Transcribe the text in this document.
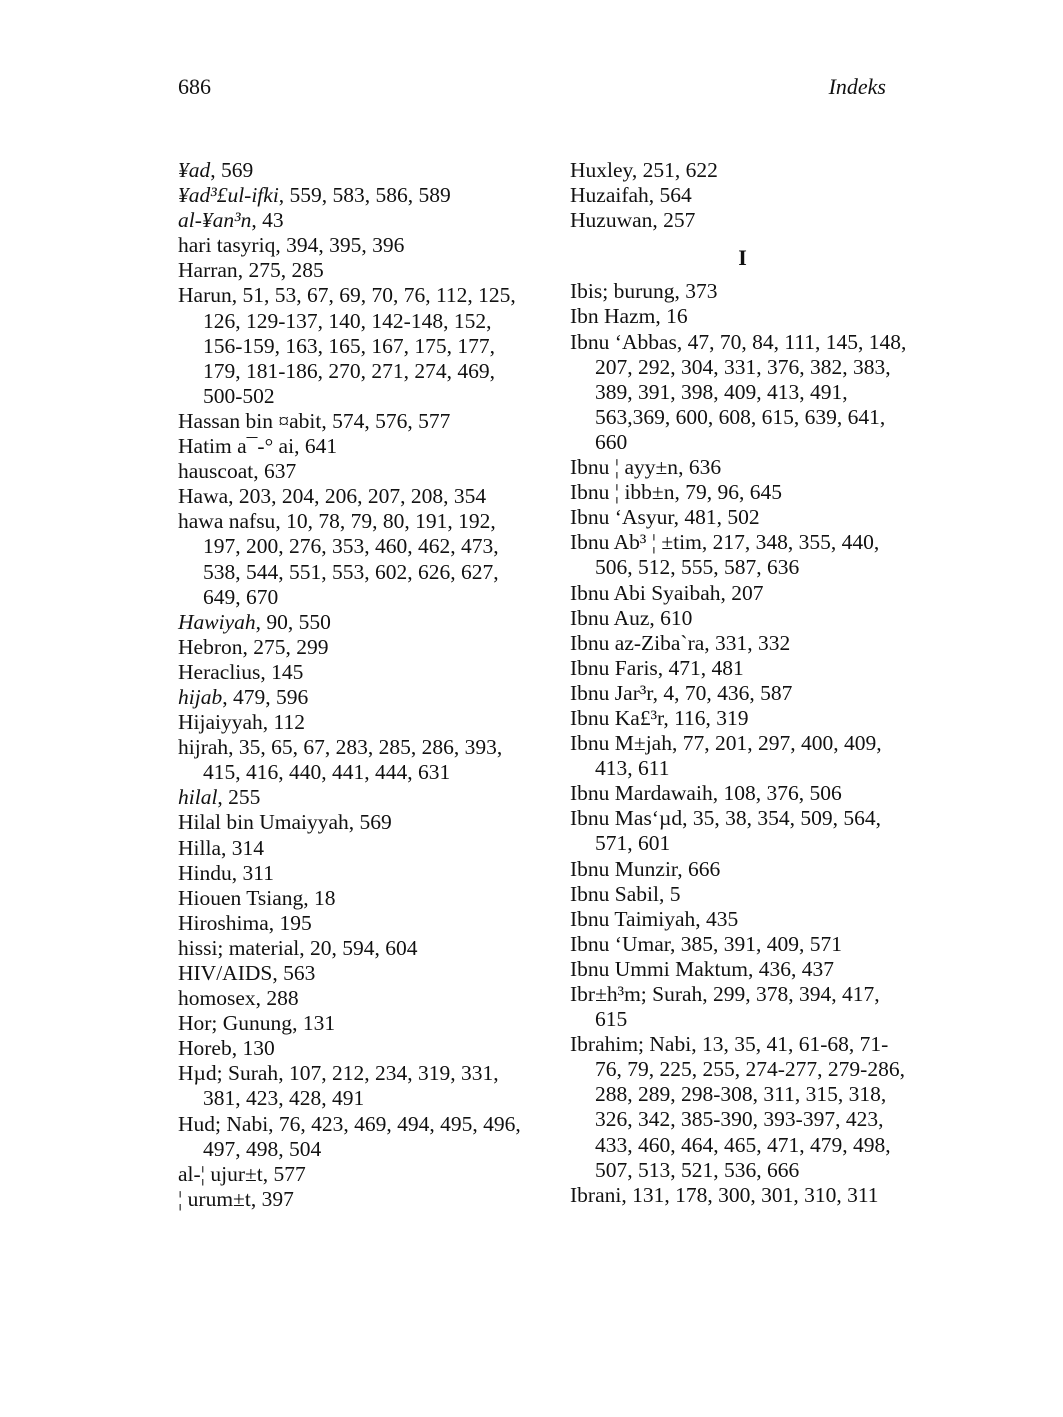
686	Indeks
¥ad, 569
¥ad³£ul-ifki, 559, 583, 586, 589
al-¥an³n, 43
hari tasyriq, 394, 395, 396
Harran, 275, 285
Harun, 51, 53, 67, 69, 70, 76, 112, 125, 126, 129-137, 140, 142-148, 152, 156-159, 163, 165, 167, 175, 177, 179, 181-186, 270, 271, 274, 469, 500-502
Hassan bin ¤abit, 574, 576, 577
Hatim a¯-° ai, 641
hauscoat, 637
Hawa, 203, 204, 206, 207, 208, 354
hawa nafsu, 10, 78, 79, 80, 191, 192, 197, 200, 276, 353, 460, 462, 473, 538, 544, 551, 553, 602, 626, 627, 649, 670
Hawiyah, 90, 550
Hebron, 275, 299
Heraclius, 145
hijab, 479, 596
Hijaiyyah, 112
hijrah, 35, 65, 67, 283, 285, 286, 393, 415, 416, 440, 441, 444, 631
hilal, 255
Hilal bin Umaiyyah, 569
Hilla, 314
Hindu, 311
Hiouen Tsiang, 18
Hiroshima, 195
hissi; material, 20, 594, 604
HIV/AIDS, 563
homosex, 288
Hor; Gunung, 131
Horeb, 130
Hµd; Surah, 107, 212, 234, 319, 331, 381, 423, 428, 491
Hud; Nabi, 76, 423, 469, 494, 495, 496, 497, 498, 504
al-¦ ujur±t, 577
¦ urum±t, 397
Huxley, 251, 622
Huzaifah, 564
Huzuwan, 257
I
Ibis; burung, 373
Ibn Hazm, 16
Ibnu ‘Abbas, 47, 70, 84, 111, 145, 148, 207, 292, 304, 331, 376, 382, 383, 389, 391, 398, 409, 413, 491, 563,369, 600, 608, 615, 639, 641, 660
Ibnu ¦ ayy±n, 636
Ibnu ¦ ibb±n, 79, 96, 645
Ibnu ‘Asyur, 481, 502
Ibnu Ab³ ¦ ±tim, 217, 348, 355, 440, 506, 512, 555, 587, 636
Ibnu Abi Syaibah, 207
Ibnu Auz, 610
Ibnu az-Ziba`ra, 331, 332
Ibnu Faris, 471, 481
Ibnu Jar³r, 4, 70, 436, 587
Ibnu Ka£³r, 116, 319
Ibnu M±jah, 77, 201, 297, 400, 409, 413, 611
Ibnu Mardawaih, 108, 376, 506
Ibnu Mas‘µd, 35, 38, 354, 509, 564, 571, 601
Ibnu Munzir, 666
Ibnu Sabil, 5
Ibnu Taimiyah, 435
Ibnu ‘Umar, 385, 391, 409, 571
Ibnu Ummi Maktum, 436, 437
Ibr±h³m; Surah, 299, 378, 394, 417, 615
Ibrahim; Nabi, 13, 35, 41, 61-68, 71-76, 79, 225, 255, 274-277, 279-286, 288, 289, 298-308, 311, 315, 318, 326, 342, 385-390, 393-397, 423, 433, 460, 464, 465, 471, 479, 498, 507, 513, 521, 536, 666
Ibrani, 131, 178, 300, 301, 310, 311
